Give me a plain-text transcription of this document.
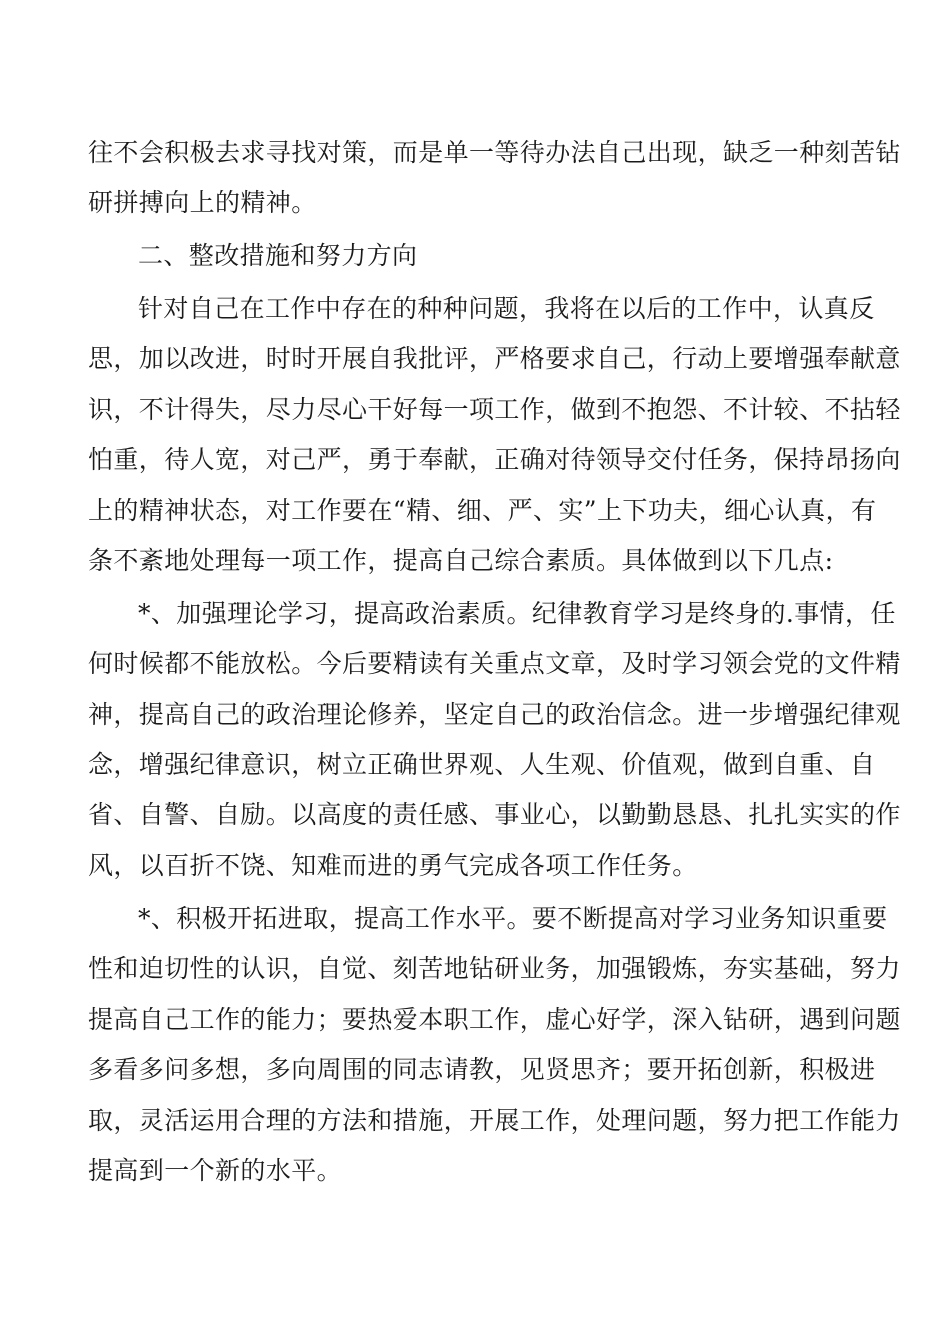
往不会积极去求寻找对策，而是单一等待办法自己出现，缺乏一种刻苦钻

研拼搏向上的精神。

二、整改措施和努力方向

针对自己在工作中存在的种种问题，我将在以后的工作中，认真反

思，加以改进，时时开展自我批评，严格要求自己，行动上要增强奉献意

识，不计得失，尽力尽心干好每一项工作，做到不抱怨、不计较、不拈轻

怕重，待人宽，对己严，勇于奉献，正确对待领导交付任务，保持昂扬向

上的精神状态，对工作要在“精、细、严、实”上下功夫，细心认真，有

条不紊地处理每一项工作，提高自己综合素质。具体做到以下几点:

*、加强理论学习，提高政治素质。纪律教育学习是终身的.事情，任

何时候都不能放松。今后要精读有关重点文章，及时学习领会党的文件精

神，提高自己的政治理论修养，坚定自己的政治信念。进一步增强纪律观

念，增强纪律意识，树立正确世界观、人生观、价值观，做到自重、自

省、自警、自励。以高度的责任感、事业心，以勤勤恳恳、扎扎实实的作

风，以百折不饶、知难而进的勇气完成各项工作任务。

*、积极开拓进取，提高工作水平。要不断提高对学习业务知识重要

性和迫切性的认识，自觉、刻苦地钻研业务，加强锻炼，夯实基础，努力

提高自己工作的能力；要热爱本职工作，虚心好学，深入钻研，遇到问题

多看多问多想，多向周围的同志请教，见贤思齐；要开拓创新，积极进

取，灵活运用合理的方法和措施，开展工作，处理问题，努力把工作能力

提高到一个新的水平。
